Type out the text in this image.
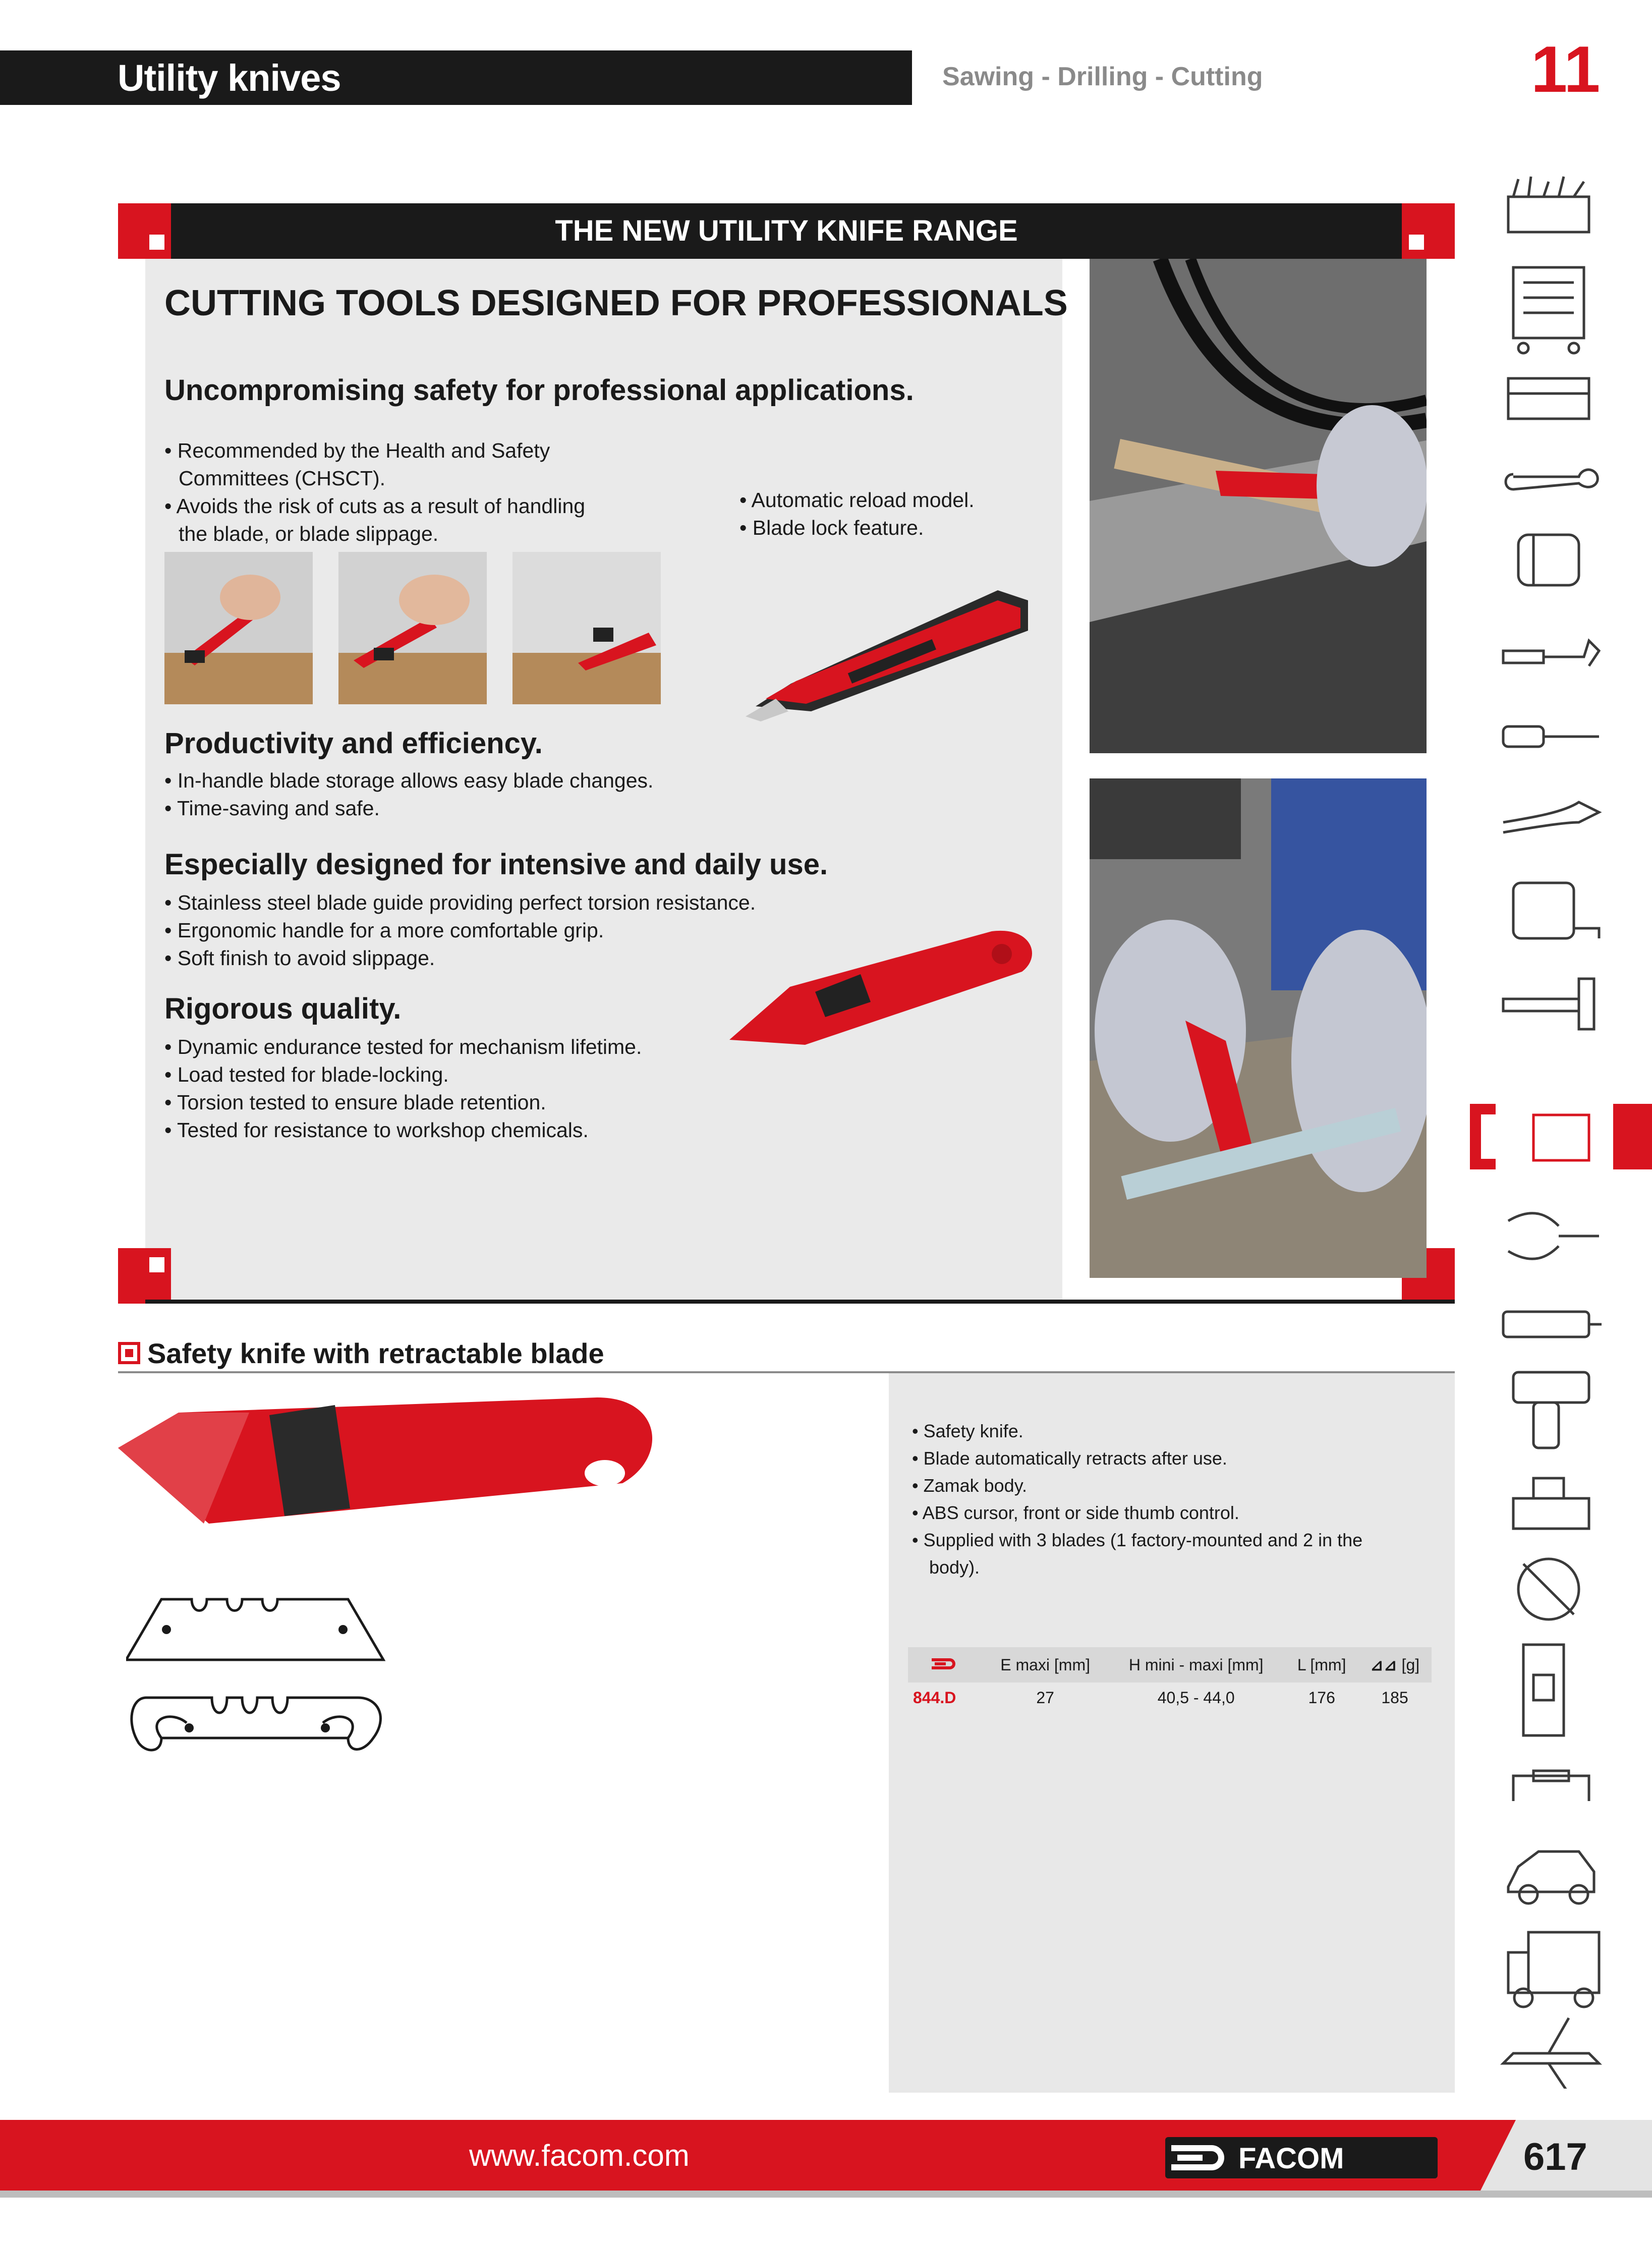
Utility knives	Sawing - Drilling - Cutting	11
THE NEW UTILITY KNIFE RANGE
CUTTING TOOLS DESIGNED FOR PROFESSIONALS
Uncompromising safety for professional applications.

• Recommended by the Health and Safety Committees (CHSCT).

• Avoids the risk of cuts as a result of handling the blade, or blade slippage.

• Automatic reload model.

• Blade lock feature.

Productivity and efficiency.

• In-handle blade storage allows easy blade changes.

• Time-saving and safe.

Especially designed for intensive and daily use.

• Stainless steel blade guide providing perfect torsion resistance.

• Ergonomic handle for a more comfortable grip.

• Soft finish to avoid slippage.

Rigorous quality.

• Dynamic endurance tested for mechanism lifetime.

• Load tested for blade-locking.

• Torsion tested to ensure blade retention.

• Tested for resistance to workshop chemicals.

Safety knife with retractable blade

• Safety knife.

• Blade automatically retracts after use.

• Zamak body.

• ABS cursor, front or side thumb control.

• Supplied with 3 blades (1 factory-mounted and 2 in the body).

	E maxi [mm]	H mini - maxi [mm]	L [mm]	⊿⊿ [g]
844.D	27	40,5 - 44,0	176	185
www.facom.com	FACOM	617
